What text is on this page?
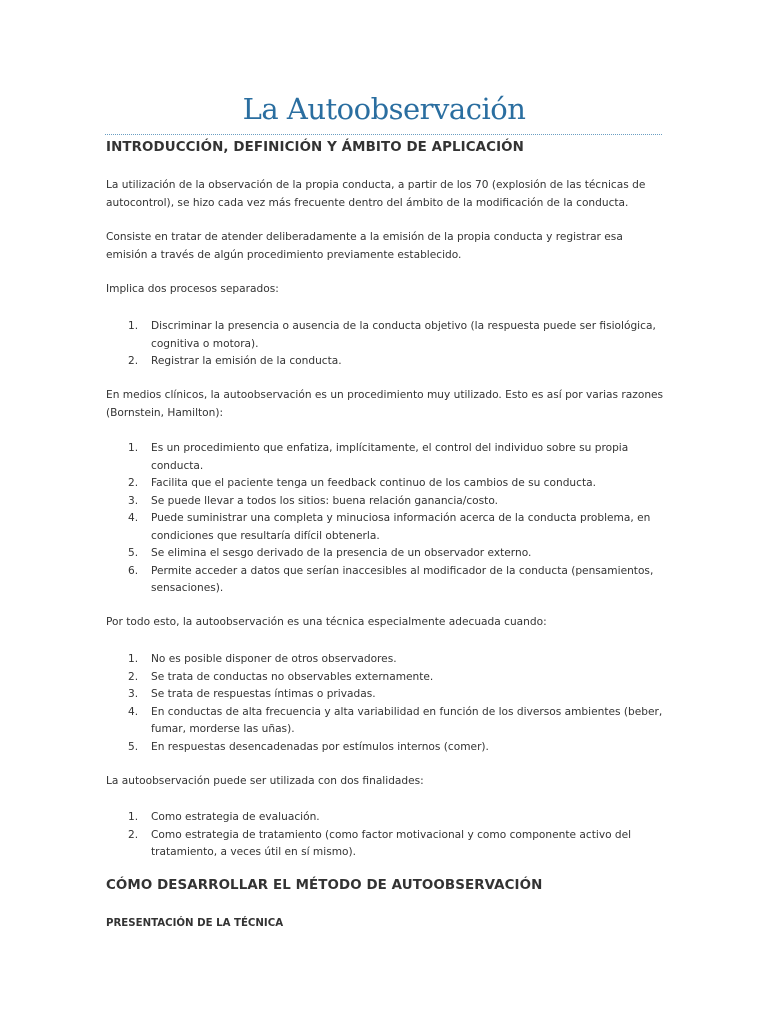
La Autoobservación
INTRODUCCIÓN, DEFINICIÓN Y ÁMBITO DE APLICACIÓN

La utilización de la observación de la propia conducta, a partir de los 70 (explosión de las técnicas de autocontrol), se hizo cada vez más frecuente dentro del ámbito de la modificación de la conducta.

Consiste en tratar de atender deliberadamente a la emisión de la propia conducta y registrar esa emisión a través de algún procedimiento previamente establecido.

Implica dos procesos separados:

1.	Discriminar la presencia o ausencia de la conducta objetivo (la respuesta puede ser fisiológica, cognitiva o motora).
2.	Registrar la emisión de la conducta.

En medios clínicos, la autoobservación es un procedimiento muy utilizado. Esto es así por varias razones (Bornstein, Hamilton):

1.	Es un procedimiento que enfatiza, implícitamente, el control del individuo sobre su propia conducta.
2.	Facilita que el paciente tenga un feedback continuo de los cambios de su conducta.
3.	Se puede llevar a todos los sitios: buena relación ganancia/costo.
4.	Puede suministrar una completa y minuciosa información acerca de la conducta problema, en condiciones que resultaría difícil obtenerla.
5.	Se elimina el sesgo derivado de la presencia de un observador externo.
6.	Permite acceder a datos que serían inaccesibles al modificador de la conducta (pensamientos, sensaciones).

Por todo esto, la autoobservación es una técnica especialmente adecuada cuando:

1.	No es posible disponer de otros observadores.
2.	Se trata de conductas no observables externamente.
3.	Se trata de respuestas íntimas o privadas.
4.	En conductas de alta frecuencia y alta variabilidad en función de los diversos ambientes (beber, fumar, morderse las uñas).
5.	En respuestas desencadenadas por estímulos internos (comer).

La autoobservación puede ser utilizada con dos finalidades:

1.	Como estrategia de evaluación.
2.	Como estrategia de tratamiento (como factor motivacional y como componente activo del tratamiento, a veces útil en sí mismo).
CÓMO DESARROLLAR EL MÉTODO DE AUTOOBSERVACIÓN
PRESENTACIÓN DE LA TÉCNICA
